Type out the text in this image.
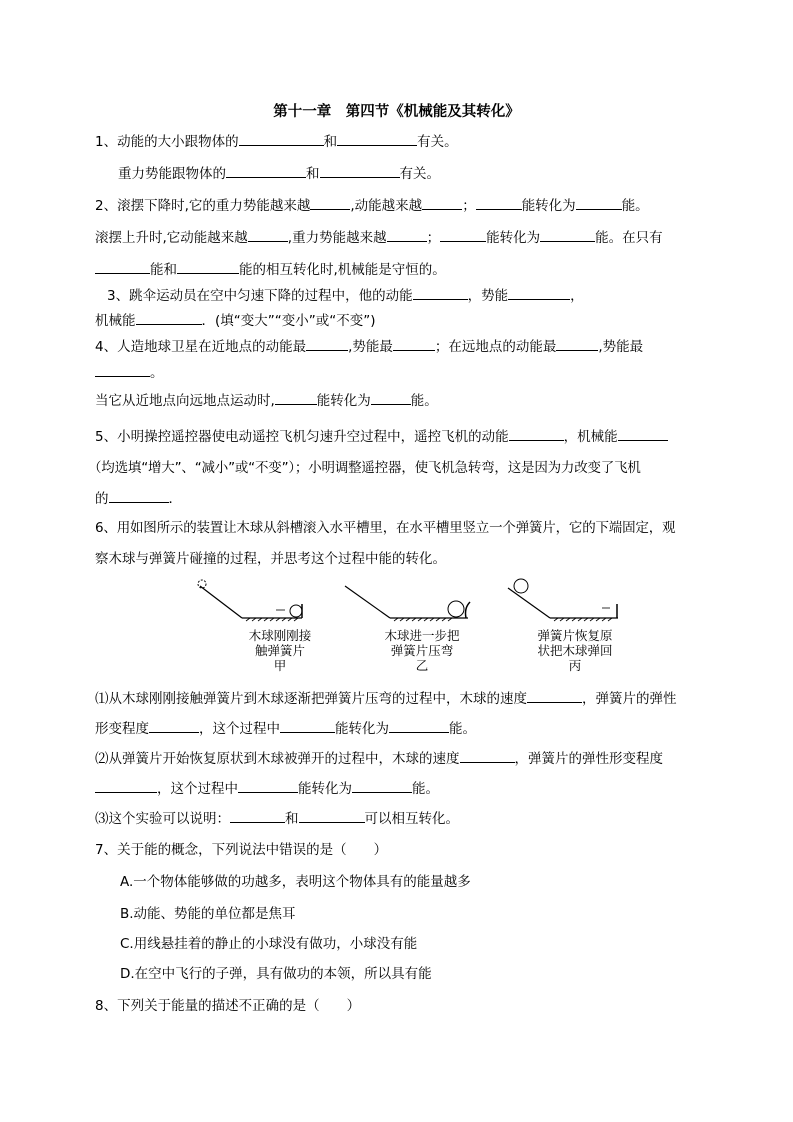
第十一章　第四节《机械能及其转化》
1、动能的大小跟物体的	和	有关。
重力势能跟物体的	和	有关。
2、滚摆下降时,它的重力势能越来越	,动能越来越	；	能转化为	能。
滚摆上升时,它动能越来越	,重力势能越来越	；	能转化为	能。在只有
能和	能的相互转化时,机械能是守恒的。
3、跳伞运动员在空中匀速下降的过程中，他的动能	，势能	，
机械能	．(填“变大”“变小”或“不变”)
4、人造地球卫星在近地点的动能最	,势能最	；在远地点的动能最	,势能最
。
当它从近地点向远地点运动时,	能转化为	能。
5、小明操控遥控器使电动遥控飞机匀速升空过程中，遥控飞机的动能	，机械能
（均选填“增大”、“减小”或“不变”）；小明调整遥控器，使飞机急转弯，这是因为力改变了飞机
的	．
6、用如图所示的装置让木球从斜槽滚入水平槽里，在水平槽里竖立一个弹簧片，它的下端固定，观
察木球与弹簧片碰撞的过程，并思考这个过程中能的转化。
木球刚刚接
触弹簧片
甲
木球进一步把
弹簧片压弯
乙
弹簧片恢复原
状把木球弹回
丙
⑴从木球刚刚接触弹簧片到木球逐渐把弹簧片压弯的过程中，木球的速度	，弹簧片的弹性
形变程度	，这个过程中	能转化为	能。
⑵从弹簧片开始恢复原状到木球被弹开的过程中，木球的速度	，弹簧片的弹性形变程度
，这个过程中	能转化为	能。
⑶这个实验可以说明：	和	可以相互转化。
7、关于能的概念，下列说法中错误的是（　　）
A.一个物体能够做的功越多，表明这个物体具有的能量越多
B.动能、势能的单位都是焦耳
C.用线悬挂着的静止的小球没有做功，小球没有能
D.在空中飞行的子弹，具有做功的本领，所以具有能
8、下列关于能量的描述不正确的是（　　）
